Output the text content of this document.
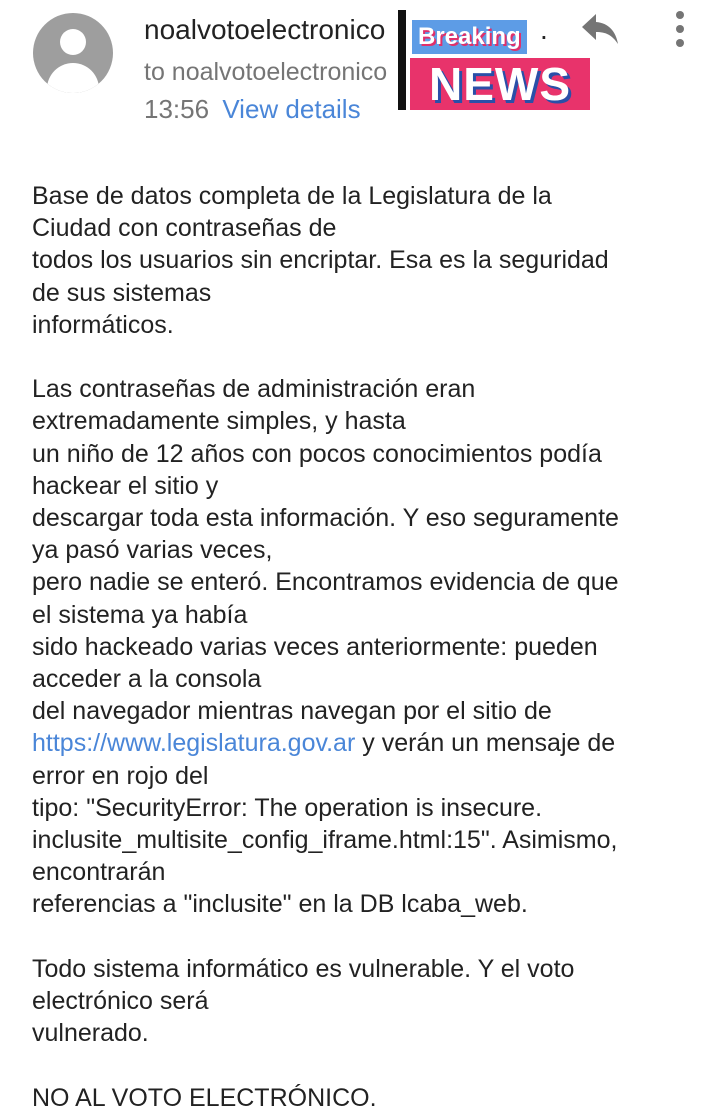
noalvotoelectronico	.
to noalvotoelectronico
13:56 View details
Breaking
NEWS
Base de datos completa de la Legislatura de la
Ciudad con contraseñas de
todos los usuarios sin encriptar. Esa es la seguridad
de sus sistemas
informáticos.
Las contraseñas de administración eran
extremadamente simples, y hasta
un niño de 12 años con pocos conocimientos podía
hackear el sitio y
descargar toda esta información. Y eso seguramente
ya pasó varias veces,
pero nadie se enteró. Encontramos evidencia de que
el sistema ya había
sido hackeado varias veces anteriormente: pueden
acceder a la consola
del navegador mientras navegan por el sitio de
https://www.legislatura.gov.ar y verán un mensaje de
error en rojo del
tipo: "SecurityError: The operation is insecure.
inclusite_multisite_config_iframe.html:15". Asimismo,
encontrarán
referencias a "inclusite" en la DB lcaba_web.
Todo sistema informático es vulnerable. Y el voto
electrónico será
vulnerado.
NO AL VOTO ELECTRÓNICO.
